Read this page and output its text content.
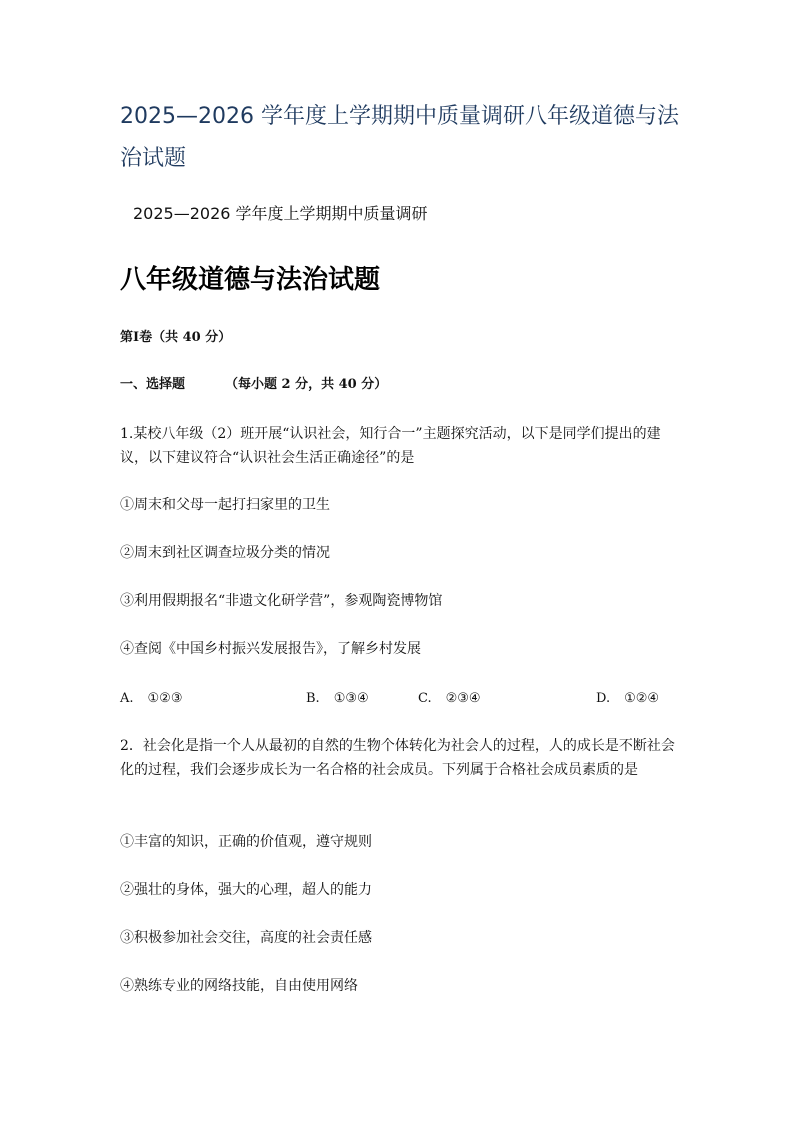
2025—2026 学年度上学期期中质量调研八年级道德与法治试题
2025—2026 学年度上学期期中质量调研
八年级道德与法治试题
第Ⅰ卷（共 40 分）
一、选择题	（每小题 2 分，共 40 分）
1.某校八年级（2）班开展“认识社会，知行合一”主题探究活动，以下是同学们提出的建议，以下建议符合“认识社会生活正确途径”的是
①周末和父母一起打扫家里的卫生
②周末到社区调查垃圾分类的情况
③利用假期报名“非遗文化研学营”，参观陶瓷博物馆
④查阅《中国乡村振兴发展报告》，了解乡村发展
A. ①②③	B. ①③④	C. ②③④	D. ①②④
2．社会化是指一个人从最初的自然的生物个体转化为社会人的过程，人的成长是不断社会化的过程，我们会逐步成长为一名合格的社会成员。下列属于合格社会成员素质的是
①丰富的知识，正确的价值观，遵守规则
②强壮的身体，强大的心理，超人的能力
③积极参加社会交往，高度的社会责任感
④熟练专业的网络技能，自由使用网络
